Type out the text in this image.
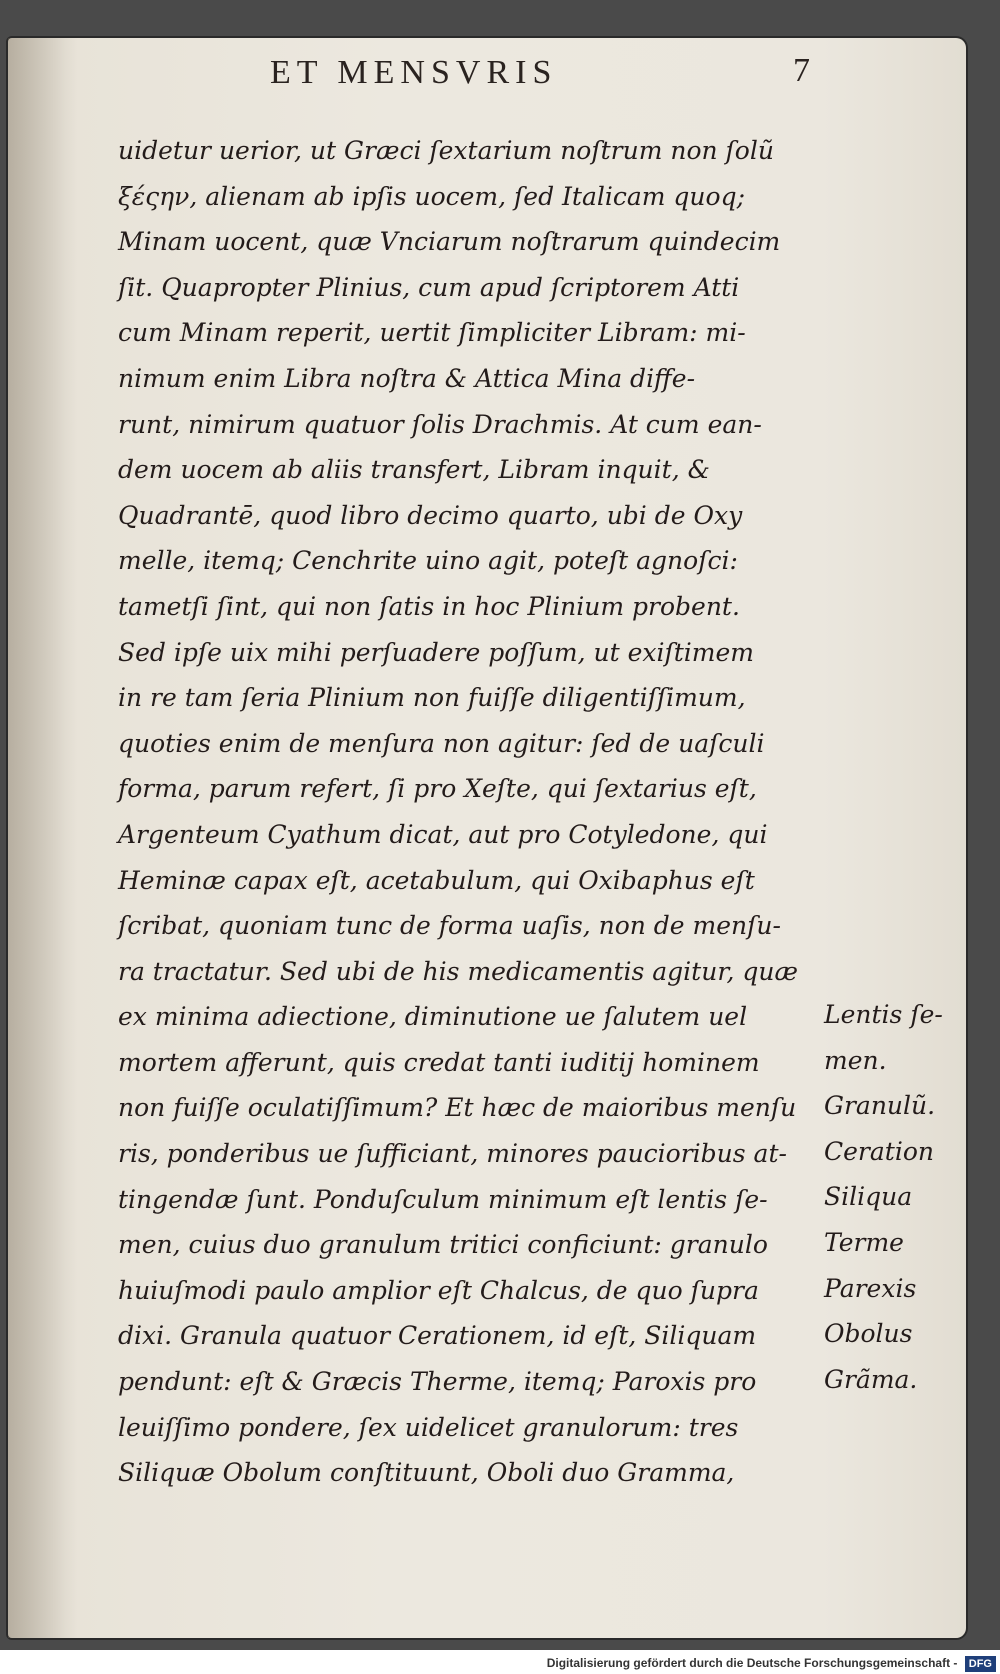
ET MENSVRIS	7
uidetur uerior, ut Græci ſextarium noſtrum non ſolũ
ξέςην, alienam ab ipſis uocem, ſed Italicam quoq;
Minam uocent, quæ Vnciarum noſtrarum quindecim
ſit. Quapropter Plinius, cum apud ſcriptorem Atti
cum Minam reperit, uertit ſimpliciter Libram: mi-
nimum enim Libra noſtra & Attica Mina diffe-
runt, nimirum quatuor ſolis Drachmis. At cum ean-
dem uocem ab aliis transfert, Libram inquit, &
Quadrantē, quod libro decimo quarto, ubi de Oxy
melle, itemq; Cenchrite uino agit, poteſt agnoſci:
tametſi ſint, qui non ſatis in hoc Plinium probent.
Sed ipſe uix mihi perſuadere poſſum, ut exiſtimem
in re tam ſeria Plinium non fuiſſe diligentiſſimum,
quoties enim de menſura non agitur: ſed de uaſculi
forma, parum refert, ſi pro Xeſte, qui ſextarius eſt,
Argenteum Cyathum dicat, aut pro Cotyledone, qui
Heminæ capax eſt, acetabulum, qui Oxibaphus eſt
ſcribat, quoniam tunc de forma uaſis, non de menſu-
ra tractatur. Sed ubi de his medicamentis agitur, quæ
ex minima adiectione, diminutione ue ſalutem uel
mortem afferunt, quis credat tanti iuditij hominem
non fuiſſe oculatiſſimum? Et hæc de maioribus menſu
ris, ponderibus ue ſufficiant, minores paucioribus at-
tingendæ ſunt. Ponduſculum minimum eſt lentis ſe-
men, cuius duo granulum tritici conficiunt: granulo
huiuſmodi paulo amplior eſt Chalcus, de quo ſupra
dixi. Granula quatuor Cerationem, id eſt, Siliquam
pendunt: eſt & Græcis Therme, itemq; Paroxis pro
leuiſſimo pondere, ſex uidelicet granulorum: tres
Siliquæ Obolum conſtituunt, Oboli duo Gramma,
Lentis ſe-
men.
Granulũ.
Ceration
Siliqua
Terme
Parexis
Obolus
Grãma.
Digitalisierung gefördert durch die Deutsche Forschungsgemeinschaft - DFG
